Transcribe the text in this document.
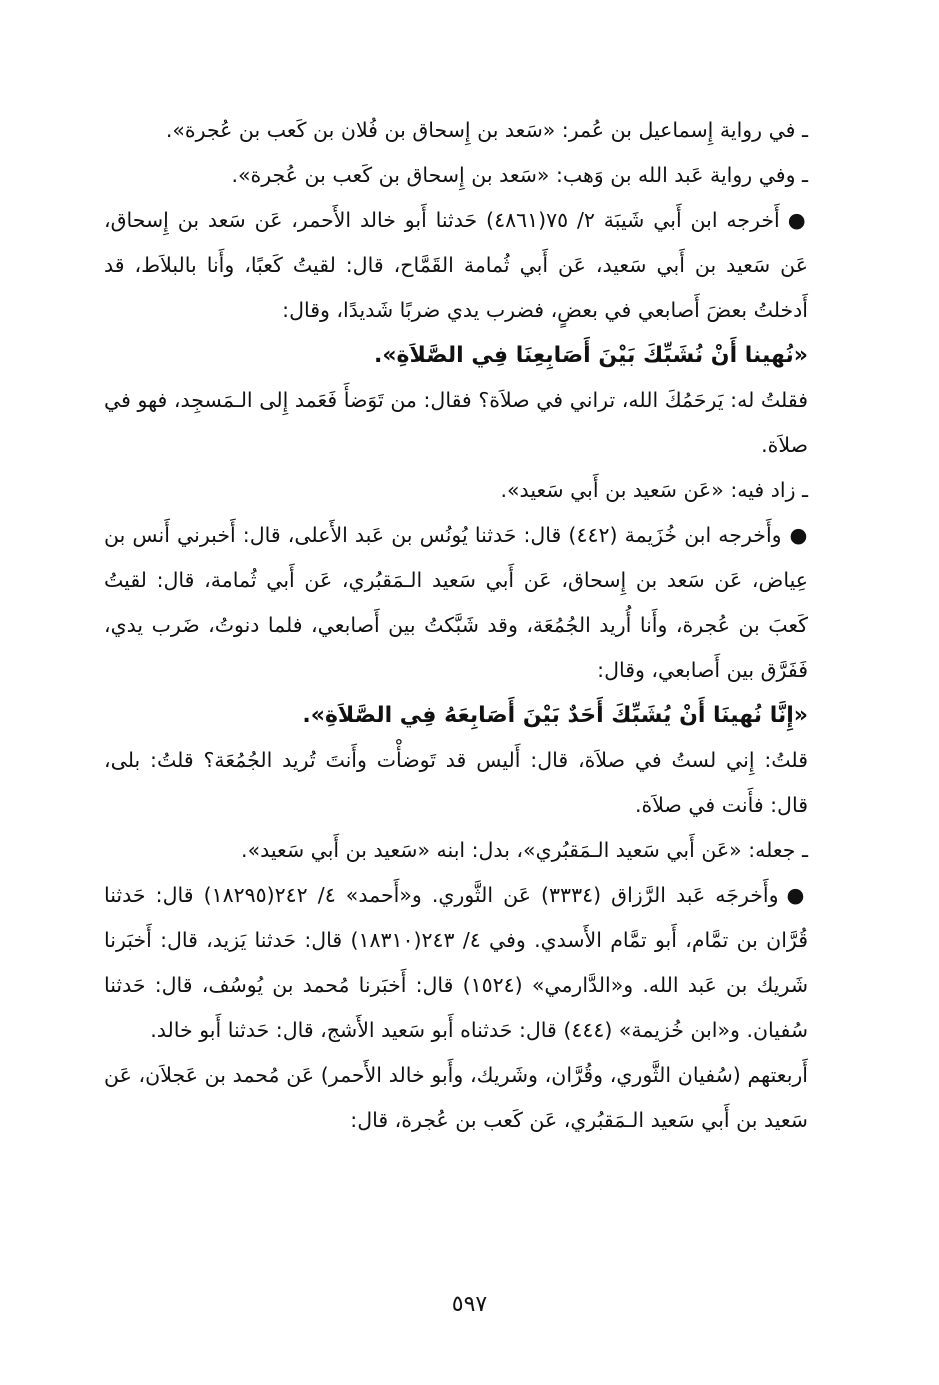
ـ في رواية إِسماعيل بن عُمر: «سَعد بن إِسحاق بن فُلان بن كَعب بن عُجرة».

ـ وفي رواية عَبد الله بن وَهب: «سَعد بن إِسحاق بن كَعب بن عُجرة».

●أَخرجه ابن أَبي شَيبَة ٢/ ٧٥(٤٨٦١) حَدثنا أَبو خالد الأَحمر، عَن سَعد بن إِسحاق، عَن سَعيد بن أَبي سَعيد، عَن أَبي ثُمامة القَمَّاح، قال: لقيتُ كَعبًا، وأَنا بالبلاَط، قد أَدخلتُ بعضَ أَصابعي في بعضٍ، فضرب يدي ضربًا شَديدًا، وقال:

«نُهينا أَنْ نُشَبِّكَ بَيْنَ أَصَابِعِنَا فِي الصَّلاَةِ».

فقلتُ له: يَرحَمُكَ الله، تراني في صلاَة؟ فقال: من تَوَضأَ فَعَمد إِلى الـمَسجِد، فهو في صلاَة.

ـ زاد فيه: «عَن سَعيد بن أَبي سَعيد».

●وأَخرجه ابن خُزَيمة (٤٤٢) قال: حَدثنا يُونُس بن عَبد الأَعلى، قال: أَخبرني أَنس بن عِياض، عَن سَعد بن إِسحاق، عَن أَبي سَعيد الـمَقبُري، عَن أَبي ثُمامة، قال: لقيتُ كَعبَ بن عُجرة، وأَنا أُريد الجُمُعَة، وقد شَبَّكتُ بين أَصابعي، فلما دنوتُ، ضَرب يدي، فَفَرَّق بين أَصابعي، وقال:

«إِنَّا نُهينَا أَنْ يُشَبِّكَ أَحَدٌ بَيْنَ أَصَابِعَهُ فِي الصَّلاَةِ».

قلتُ: إِني لستُ في صلاَة، قال: أَليس قد تَوضأْت وأَنتَ تُريد الجُمُعَة؟ قلتُ: بلى، قال: فأَنت في صلاَة.

ـ جعله: «عَن أَبي سَعيد الـمَقبُري»، بدل: ابنه «سَعيد بن أَبي سَعيد».

●وأَخرجَه عَبد الرَّزاق (٣٣٣٤) عَن الثَّوري. و«أَحمد» ٤/ ٢٤٢(١٨٢٩٥) قال: حَدثنا قُرَّان بن تمَّام، أَبو تمَّام الأَسدي. وفي ٤/ ٢٤٣(١٨٣١٠) قال: حَدثنا يَزيد، قال: أَخبَرنا شَريك بن عَبد الله. و«الدَّارمي» (١٥٢٤) قال: أَخبَرنا مُحمد بن يُوسُف، قال: حَدثنا سُفيان. و«ابن خُزيمة» (٤٤٤) قال: حَدثناه أَبو سَعيد الأَشج، قال: حَدثنا أَبو خالد.

أَربعتهم (سُفيان الثَّوري، وقُرَّان، وشَريك، وأَبو خالد الأَحمر) عَن مُحمد بن عَجلاَن، عَن سَعيد بن أَبي سَعيد الـمَقبُري، عَن كَعب بن عُجرة، قال:

٥٩٧
